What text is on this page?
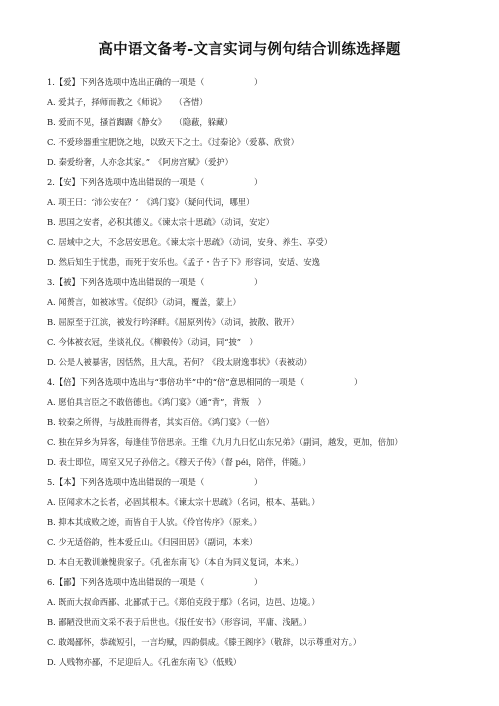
高中语文备考-文言实词与例句结合训练选择题
1.【爱】下列各选项中选出正确的一项是（　　　　　　）
A. 爱其子，择师而教之《师说》　　（吝惜）
B. 爱而不见，搔首踟蹰《静女》　　（隐蔽，躲藏）
C. 不爱珍器重宝肥饶之地，以致天下之士。《过秦论》（爱慕、欣赏）
D. 秦爱纷奢，人亦念其家。”　《阿房宫赋》（爱护）
2.【安】下列各选项中选出错误的一项是（　　　　　　）
A. 项王曰：‘沛公安在？’　《鸿门宴》（疑问代词，哪里）
B. 思国之安者，必积其德义。《谏太宗十思疏》（动词，安定）
C. 居域中之大，不念居安思危。《谏太宗十思疏》（动词，安身、养生、享受）
D. 然后知生于忧患，而死于安乐也。《孟子・告子下》形容词，安适、安逸
3.【被】下列各选项中选出错误的一项是（　　　　　　）
A. 闻蒉言，如被冰雪。《促织》（动词，覆盖，蒙上）
B. 屈原至于江滨，被发行吟泽畔。《屈原列传》（动词，披散、散开）
C. 今体被衣冠，坐谈礼仪。《柳毅传》（动词，同“披”　）
D. 公是人被暴害，因恬然，且大乱，若何？《段太尉逸事状》（表被动）
4.【倍】下列各选项中选出与“事倍功半”中的“倍”意思相同的一项是（　　　　　　）
A. 愿伯具言臣之不敢倍德也。《鸿门宴》（通“背”，背叛　）
B. 较秦之所得，与战胜而得者，其实百倍。《鸿门宴》（一倍）
C. 独在异乡为异客，每逢佳节倍思亲。王维《九月九日忆山东兄弟》（副词，越发，更加，倍加）
D. 表士即位，周室又兄子孙倍之。《穆天子传》（督 péi，陪伴，伴随。）
5.【本】下列各选项中选出错误的一项是（　　　　　　）
A. 臣闻求木之长者，必固其根本。《谏太宗十思疏》（名词，根本、基础。）
B. 抑本其成败之迹，而皆自于人欤。《伶官传序》（原来。）
C. 少无适俗韵，性本爱丘山。《归园田居》（副词，本来）
D. 本自无教训兼愧贵家子。《孔雀东南飞》（本自为同义复词，本来。）
6.【鄙】下列各选项中选出错误的一项是（　　　　　　）
A. 既而大叔命西鄙、北鄙贰于己。《郑伯克段于鄢》（名词，边邑、边境。）
B. 鄙陋没世而文采不表于后世也。《报任安书》（形容词，平庸、浅陋。）
C. 敢竭鄙怀，恭疏短引，一言均赋，四韵俱成。《滕王阁序》（敬辞，以示尊重对方。）
D. 人贱物亦鄙，不足迎后人。《孔雀东南飞》（低贱）
